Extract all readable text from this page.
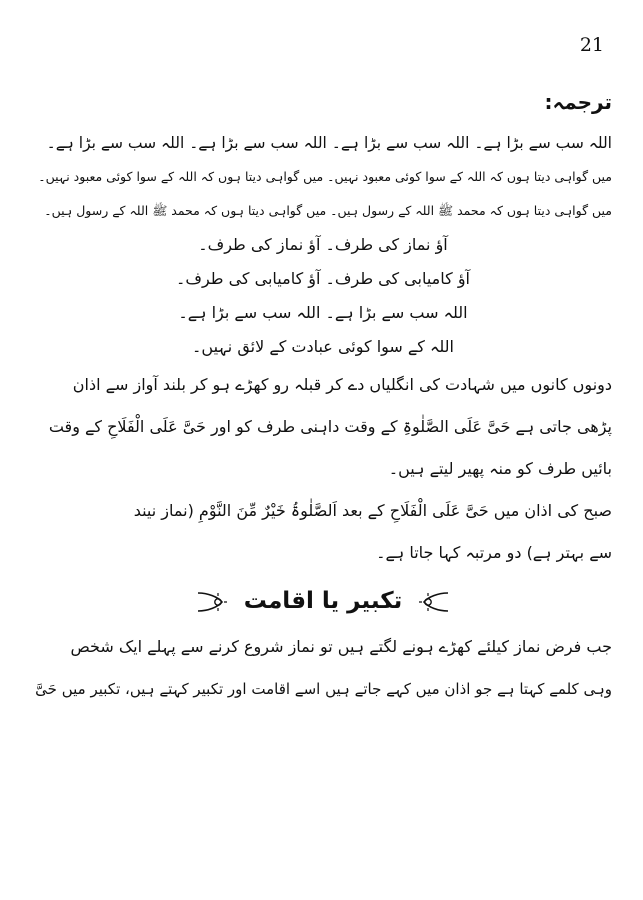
21
ترجمہ:
اللہ سب سے بڑا ہے۔ اللہ سب سے بڑا ہے۔ اللہ سب سے بڑا ہے۔ اللہ سب سے بڑا ہے۔
میں گواہی دیتا ہوں کہ اللہ کے سوا کوئی معبود نہیں۔ میں گواہی دیتا ہوں کہ اللہ کے سوا کوئی معبود نہیں۔
میں گواہی دیتا ہوں کہ محمد ﷺ اللہ کے رسول ہیں۔ میں گواہی دیتا ہوں کہ محمد ﷺ اللہ کے رسول ہیں۔
آؤ نماز کی طرف۔ آؤ نماز کی طرف۔
آؤ کامیابی کی طرف۔ آؤ کامیابی کی طرف۔
اللہ سب سے بڑا ہے۔ اللہ سب سے بڑا ہے۔
اللہ کے سوا کوئی عبادت کے لائق نہیں۔
دونوں کانوں میں شہادت کی انگلیاں دے کر قبلہ رو کھڑے ہو کر بلند آواز سے اذان
پڑھی جاتی ہے حَیَّ عَلَی الصَّلٰوۃِ کے وقت داہنی طرف کو اور حَیَّ عَلَی الْفَلَاحِ کے وقت
بائیں طرف کو منہ پھیر لیتے ہیں۔
صبح کی اذان میں حَیَّ عَلَی الْفَلَاحِ کے بعد اَلصَّلٰوۃُ خَیْرٌ مِّنَ النَّوْمِ (نماز نیند
سے بہتر ہے) دو مرتبہ کہا جاتا ہے۔
تکبیر یا اقامت
جب فرض نماز کیلئے کھڑے ہونے لگتے ہیں تو نماز شروع کرنے سے پہلے ایک شخص
وہی کلمے کہتا ہے جو اذان میں کہے جاتے ہیں اسے اقامت اور تکبیر کہتے ہیں، تکبیر میں حَیَّ
